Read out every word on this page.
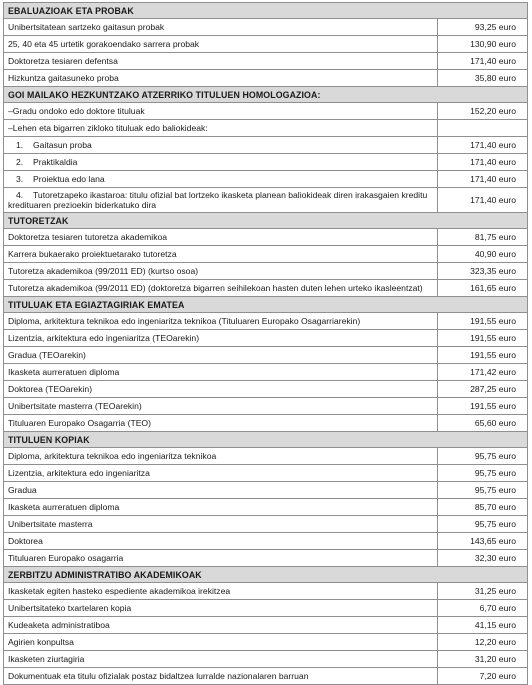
EBALUAZIOAK ETA PROBAK	
Unibertsitatean sartzeko gaitasun probak	93,25 euro
25, 40 eta 45 urtetik gorakoendako sarrera probak	130,90 euro
Doktoretza tesiaren defentsa	171,40 euro
Hizkuntza gaitasuneko proba	35,80 euro
GOI MAILAKO HEZKUNTZAKO ATZERRIKO TITULUEN HOMOLOGAZIOA:	
–Gradu ondoko edo doktore tituluak	152,20 euro
–Lehen eta bigarren zikloko tituluak edo baliokideak:	
1. Gaitasun proba	171,40 euro
2. Praktikaldia	171,40 euro
3. Proiektua edo lana	171,40 euro
4. Tutoretzapeko ikastaroa: titulu ofizial bat lortzeko ikasketa planean baliokideak diren irakasgaien kreditu kredituaren prezioekin biderkatuko dira	171,40 euro
TUTORETZAK	
Doktoretza tesiaren tutoretza akademikoa	81,75 euro
Karrera bukaerako proiektuetarako tutoretza	40,90 euro
Tutoretza akademikoa (99/2011 ED) (kurtso osoa)	323,35 euro
Tutoretza akademikoa (99/2011 ED) (doktoretza bigarren seihilekoan hasten duten lehen urteko ikasleentzat)	161,65 euro
TITULUAK ETA EGIAZTAGIRIAK EMATEA	
Diploma, arkitektura teknikoa edo ingeniaritza teknikoa (Tituluaren Europako Osagarriarekin)	191,55 euro
Lizentzia, arkitektura edo ingeniaritza (TEOarekin)	191,55 euro
Gradua (TEOarekin)	191,55 euro
Ikasketa aurreratuen diploma	171,42 euro
Doktorea (TEOarekin)	287,25 euro
Unibertsitate masterra (TEOarekin)	191,55 euro
Tituluaren Europako Osagarria (TEO)	65,60 euro
TITULUEN KOPIAK	
Diploma, arkitektura teknikoa edo ingeniaritza teknikoa	95,75 euro
Lizentzia, arkitektura edo ingeniaritza	95,75 euro
Gradua	95,75 euro
Ikasketa aurreratuen diploma	85,70 euro
Unibertsitate masterra	95,75 euro
Doktorea	143,65 euro
Tituluaren Europako osagarria	32,30 euro
ZERBITZU ADMINISTRATIBO AKADEMIKOAK	
Ikasketak egiten hasteko espediente akademikoa irekitzea	31,25 euro
Unibertsitateko txartelaren kopia	6,70 euro
Kudeaketa administratiboa	41,15 euro
Agirien konpultsa	12,20 euro
Ikasketen ziurtagiria	31,20 euro
Dokumentuak eta titulu ofizialak postaz bidaltzea lurralde nazionalaren barruan	7,20 euro
